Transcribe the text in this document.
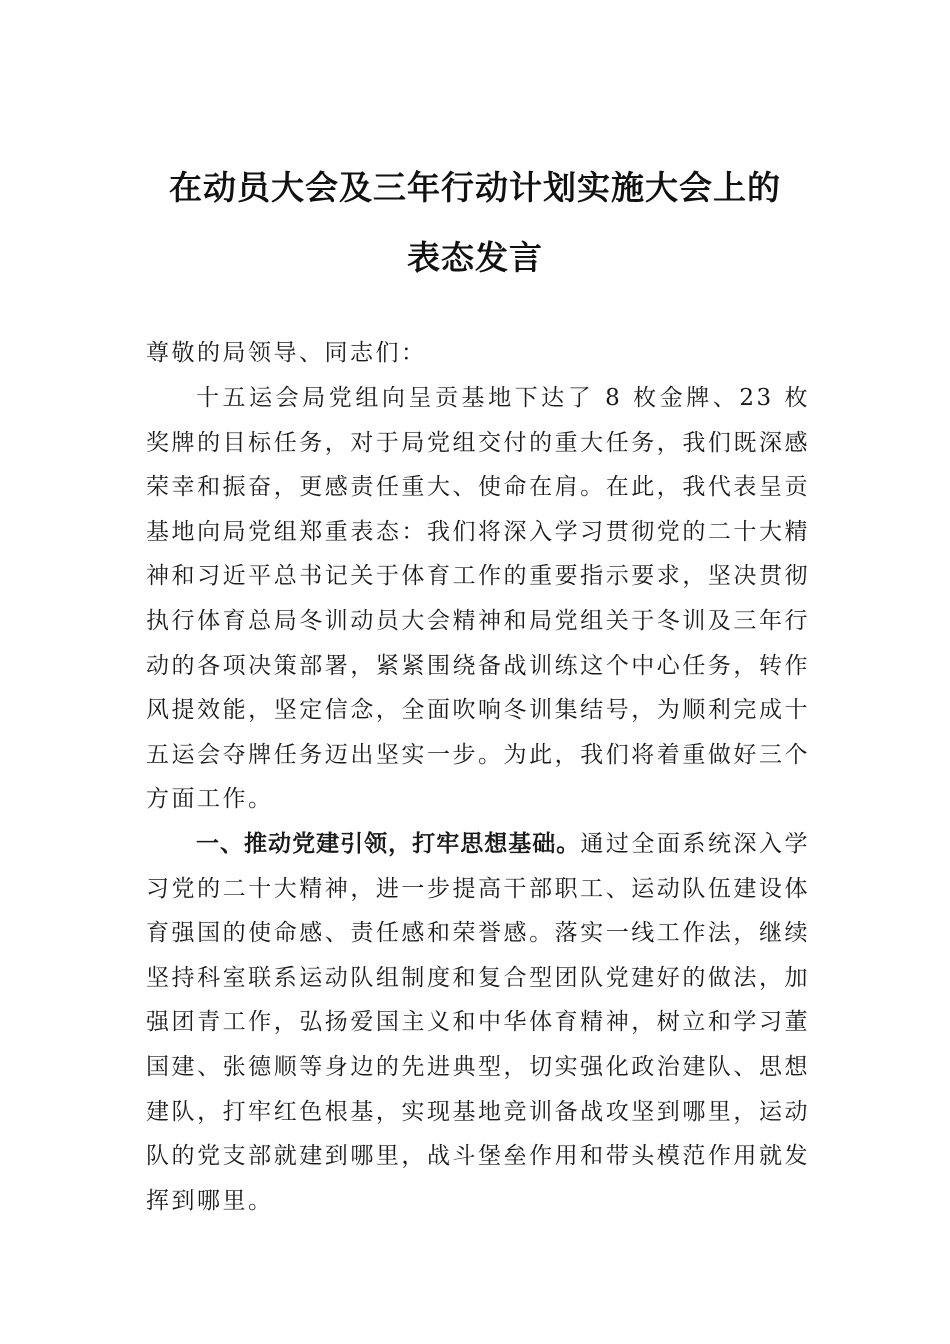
在动员大会及三年行动计划实施大会上的
表态发言

尊敬的局领导、同志们：

十五运会局党组向呈贡基地下达了 8 枚金牌、23 枚奖牌的目标任务，对于局党组交付的重大任务，我们既深感荣幸和振奋，更感责任重大、使命在肩。在此，我代表呈贡基地向局党组郑重表态：我们将深入学习贯彻党的二十大精神和习近平总书记关于体育工作的重要指示要求，坚决贯彻执行体育总局冬训动员大会精神和局党组关于冬训及三年行动的各项决策部署，紧紧围绕备战训练这个中心任务，转作风提效能，坚定信念，全面吹响冬训集结号，为顺利完成十五运会夺牌任务迈出坚实一步。为此，我们将着重做好三个方面工作。

一、推动党建引领，打牢思想基础。通过全面系统深入学习党的二十大精神，进一步提高干部职工、运动队伍建设体育强国的使命感、责任感和荣誉感。落实一线工作法，继续坚持科室联系运动队组制度和复合型团队党建好的做法，加强团青工作，弘扬爱国主义和中华体育精神，树立和学习董国建、张德顺等身边的先进典型，切实强化政治建队、思想建队，打牢红色根基，实现基地竞训备战攻坚到哪里，运动队的党支部就建到哪里，战斗堡垒作用和带头模范作用就发挥到哪里。
